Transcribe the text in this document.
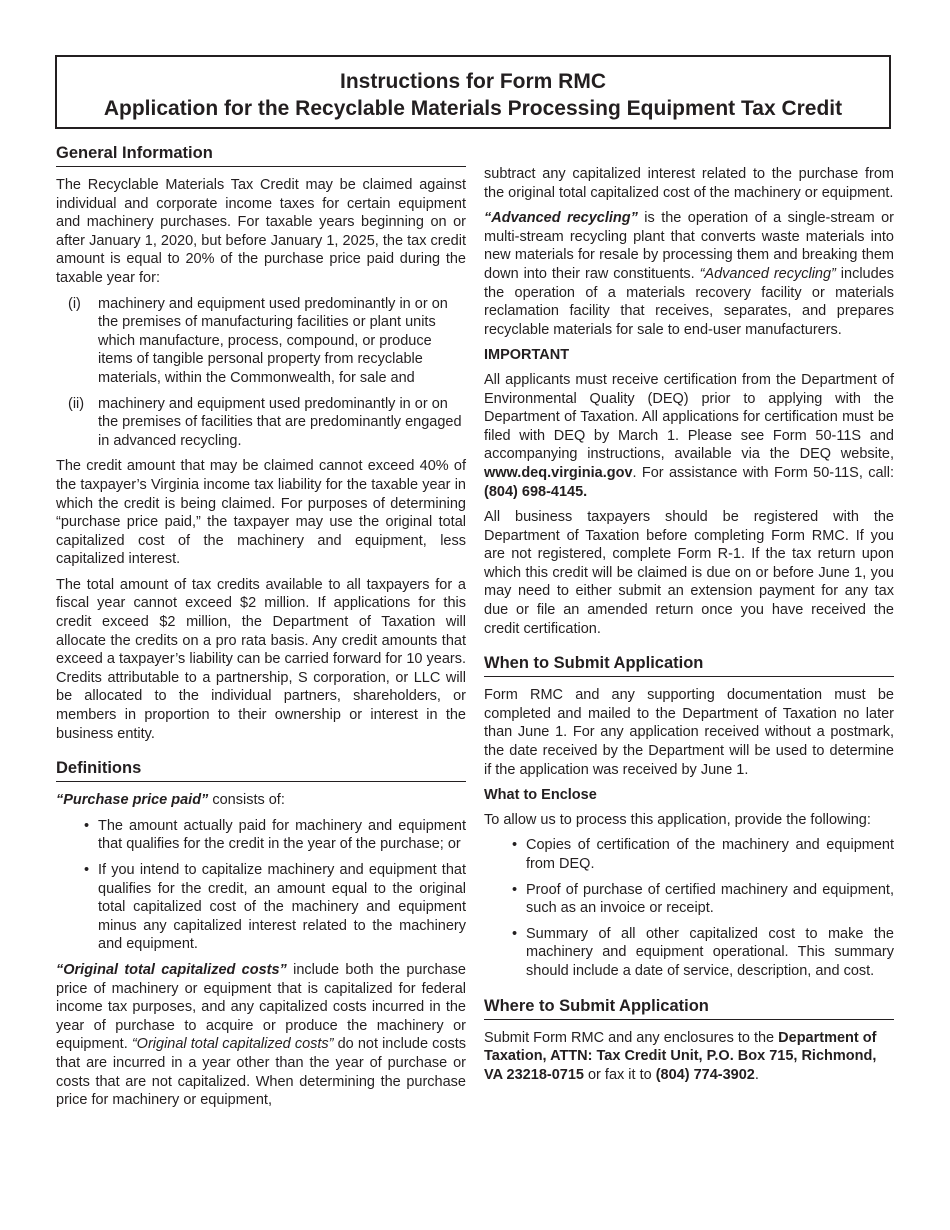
Instructions for Form RMC
Application for the Recyclable Materials Processing Equipment Tax Credit
General Information

The Recyclable Materials Tax Credit may be claimed against individual and corporate income taxes for certain equipment and machinery purchases. For taxable years beginning on or after January 1, 2020, but before January 1, 2025, the tax credit amount is equal to 20% of the purchase price paid during the taxable year for:

(i)	machinery and equipment used predominantly in or on the premises of manufacturing facilities or plant units which manufacture, process, compound, or produce items of tangible personal property from recyclable materials, within the Commonwealth, for sale and
(ii) machinery and equipment used predominantly in or on the premises of facilities that are predominantly engaged in advanced recycling.

The credit amount that may be claimed cannot exceed 40% of the taxpayer’s Virginia income tax liability for the taxable year in which the credit is being claimed. For purposes of determining “purchase price paid,” the taxpayer may use the original total capitalized cost of the machinery and equipment, less capitalized interest.

The total amount of tax credits available to all taxpayers for a fiscal year cannot exceed $2 million. If applications for this credit exceed $2 million, the Department of Taxation will allocate the credits on a pro rata basis. Any credit amounts that exceed a taxpayer’s liability can be carried forward for 10 years. Credits attributable to a partnership, S corporation, or LLC will be allocated to the individual partners, shareholders, or members in proportion to their ownership or interest in the business entity.

Definitions

“Purchase price paid” consists of:

• The amount actually paid for machinery and equipment that qualifies for the credit in the year of the purchase; or
• If you intend to capitalize machinery and equipment that qualifies for the credit, an amount equal to the original total capitalized cost of the machinery and equipment minus any capitalized interest related to the machinery and equipment.

“Original total capitalized costs” include both the purchase price of machinery or equipment that is capitalized for federal income tax purposes, and any capitalized costs incurred in the year of purchase to acquire or produce the machinery or equipment. “Original total capitalized costs” do not include costs that are incurred in a year other than the year of purchase or costs that are not capitalized. When determining the purchase price for machinery or equipment,

subtract any capitalized interest related to the purchase from the original total capitalized cost of the machinery or equipment.

“Advanced recycling” is the operation of a single-stream or multi-stream recycling plant that converts waste materials into new materials for resale by processing them and breaking them down into their raw constituents. “Advanced recycling” includes the operation of a materials recovery facility or materials reclamation facility that receives, separates, and prepares recyclable materials for sale to end-user manufacturers.

IMPORTANT

All applicants must receive certification from the Department of Environmental Quality (DEQ) prior to applying with the Department of Taxation. All applications for certification must be filed with DEQ by March 1. Please see Form 50-11S and accompanying instructions, available via the DEQ website, www.deq.virginia.gov. For assistance with Form 50-11S, call: (804) 698-4145.

All business taxpayers should be registered with the Department of Taxation before completing Form RMC. If you are not registered, complete Form R-1. If the tax return upon which this credit will be claimed is due on or before June 1, you may need to either submit an extension payment for any tax due or file an amended return once you have received the credit certification.

When to Submit Application

Form RMC and any supporting documentation must be completed and mailed to the Department of Taxation no later than June 1. For any application received without a postmark, the date received by the Department will be used to determine if the application was received by June 1.

What to Enclose

To allow us to process this application, provide the following:

• Copies of certification of the machinery and equipment from DEQ.
• Proof of purchase of certified machinery and equipment, such as an invoice or receipt.
• Summary of all other capitalized cost to make the machinery and equipment operational. This summary should include a date of service, description, and cost.
Where to Submit Application

Submit Form RMC and any enclosures to the Department of Taxation, ATTN: Tax Credit Unit, P.O. Box 715, Richmond, VA 23218-0715 or fax it to (804) 774-3902.
